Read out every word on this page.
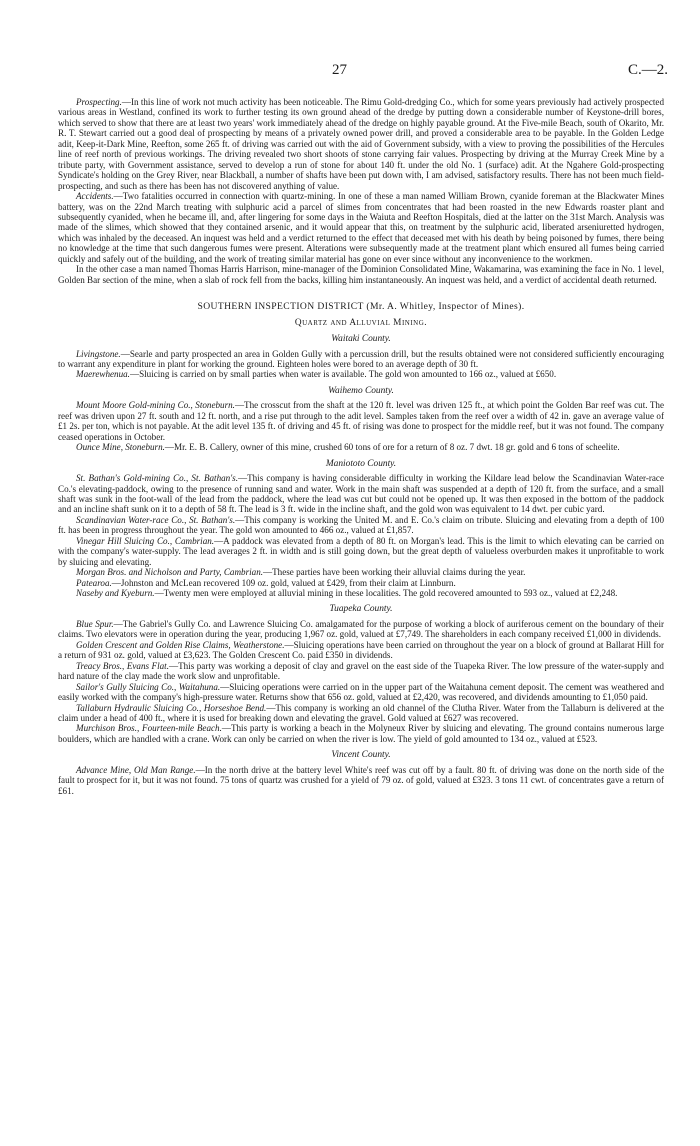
27	C.—2.

Prospecting.—In this line of work not much activity has been noticeable. The Rimu Gold-dredging Co., which for some years previously had actively prospected various areas in Westland, confined its work to further testing its own ground ahead of the dredge by putting down a considerable number of Keystone-drill bores, which served to show that there are at least two years' work immediately ahead of the dredge on highly payable ground. At the Five-mile Beach, south of Okarito, Mr. R. T. Stewart carried out a good deal of prospecting by means of a privately owned power drill, and proved a considerable area to be payable. In the Golden Ledge adit, Keep-it-Dark Mine, Reefton, some 265 ft. of driving was carried out with the aid of Government subsidy, with a view to proving the possibilities of the Hercules line of reef north of previous workings. The driving revealed two short shoots of stone carrying fair values. Prospecting by driving at the Murray Creek Mine by a tribute party, with Government assistance, served to develop a run of stone for about 140 ft. under the old No. 1 (surface) adit. At the Ngahere Gold-prospecting Syndicate's holding on the Grey River, near Blackball, a number of shafts have been put down with, I am advised, satisfactory results. There has not been much field-prospecting, and such as there has been has not discovered anything of value.

Accidents.—Two fatalities occurred in connection with quartz-mining. In one of these a man named William Brown, cyanide foreman at the Blackwater Mines battery, was on the 22nd March treating with sulphuric acid a parcel of slimes from concentrates that had been roasted in the new Edwards roaster plant and subsequently cyanided, when he became ill, and, after lingering for some days in the Waiuta and Reefton Hospitals, died at the latter on the 31st March. Analysis was made of the slimes, which showed that they contained arsenic, and it would appear that this, on treatment by the sulphuric acid, liberated arseniuretted hydrogen, which was inhaled by the deceased. An inquest was held and a verdict returned to the effect that deceased met with his death by being poisoned by fumes, there being no knowledge at the time that such dangerous fumes were present. Alterations were subsequently made at the treatment plant which ensured all fumes being carried quickly and safely out of the building, and the work of treating similar material has gone on ever since without any inconvenience to the workmen.

In the other case a man named Thomas Harris Harrison, mine-manager of the Dominion Consolidated Mine, Wakamarina, was examining the face in No. 1 level, Golden Bar section of the mine, when a slab of rock fell from the backs, killing him instantaneously. An inquest was held, and a verdict of accidental death returned.

SOUTHERN INSPECTION DISTRICT (Mr. A. Whitley, Inspector of Mines).
Quartz and Alluvial Mining.
Waitaki County.

Livingstone.—Searle and party prospected an area in Golden Gully with a percussion drill, but the results obtained were not considered sufficiently encouraging to warrant any expenditure in plant for working the ground. Eighteen holes were bored to an average depth of 30 ft.

Maerewhenua.—Sluicing is carried on by small parties when water is available. The gold won amounted to 166 oz., valued at £650.

Waihemo County.

Mount Moore Gold-mining Co., Stoneburn.—The crosscut from the shaft at the 120 ft. level was driven 125 ft., at which point the Golden Bar reef was cut. The reef was driven upon 27 ft. south and 12 ft. north, and a rise put through to the adit level. Samples taken from the reef over a width of 42 in. gave an average value of £1 2s. per ton, which is not payable. At the adit level 135 ft. of driving and 45 ft. of rising was done to prospect for the middle reef, but it was not found. The company ceased operations in October.

Ounce Mine, Stoneburn.—Mr. E. B. Callery, owner of this mine, crushed 60 tons of ore for a return of 8 oz. 7 dwt. 18 gr. gold and 6 tons of scheelite.

Maniototo County.

St. Bathan's Gold-mining Co., St. Bathan's.—This company is having considerable difficulty in working the Kildare lead below the Scandinavian Water-race Co.'s elevating-paddock, owing to the presence of running sand and water. Work in the main shaft was suspended at a depth of 120 ft. from the surface, and a small shaft was sunk in the foot-wall of the lead from the paddock, where the lead was cut but could not be opened up. It was then exposed in the bottom of the paddock and an incline shaft sunk on it to a depth of 58 ft. The lead is 3 ft. wide in the incline shaft, and the gold won was equivalent to 14 dwt. per cubic yard.

Scandinavian Water-race Co., St. Bathan's.—This company is working the United M. and E. Co.'s claim on tribute. Sluicing and elevating from a depth of 100 ft. has been in progress throughout the year. The gold won amounted to 466 oz., valued at £1,857.

Vinegar Hill Sluicing Co., Cambrian.—A paddock was elevated from a depth of 80 ft. on Morgan's lead. This is the limit to which elevating can be carried on with the company's water-supply. The lead averages 2 ft. in width and is still going down, but the great depth of valueless overburden makes it unprofitable to work by sluicing and elevating.

Morgan Bros. and Nicholson and Party, Cambrian.—These parties have been working their alluvial claims during the year.

Patearoa.—Johnston and McLean recovered 109 oz. gold, valued at £429, from their claim at Linnburn.

Naseby and Kyeburn.—Twenty men were employed at alluvial mining in these localities. The gold recovered amounted to 593 oz., valued at £2,248.

Tuapeka County.

Blue Spur.—The Gabriel's Gully Co. and Lawrence Sluicing Co. amalgamated for the purpose of working a block of auriferous cement on the boundary of their claims. Two elevators were in operation during the year, producing 1,967 oz. gold, valued at £7,749. The shareholders in each company received £1,000 in dividends.

Golden Crescent and Golden Rise Claims, Weatherstone.—Sluicing operations have been carried on throughout the year on a block of ground at Ballarat Hill for a return of 931 oz. gold, valued at £3,623. The Golden Crescent Co. paid £350 in dividends.

Treacy Bros., Evans Flat.—This party was working a deposit of clay and gravel on the east side of the Tuapeka River. The low pressure of the water-supply and hard nature of the clay made the work slow and unprofitable.

Sailor's Gully Sluicing Co., Waitahuna.—Sluicing operations were carried on in the upper part of the Waitahuna cement deposit. The cement was weathered and easily worked with the company's high-pressure water. Returns show that 656 oz. gold, valued at £2,420, was recovered, and dividends amounting to £1,050 paid.

Tallaburn Hydraulic Sluicing Co., Horseshoe Bend.—This company is working an old channel of the Clutha River. Water from the Tallaburn is delivered at the claim under a head of 400 ft., where it is used for breaking down and elevating the gravel. Gold valued at £627 was recovered.

Murchison Bros., Fourteen-mile Beach.—This party is working a beach in the Molyneux River by sluicing and elevating. The ground contains numerous large boulders, which are handled with a crane. Work can only be carried on when the river is low. The yield of gold amounted to 134 oz., valued at £523.

Vincent County.

Advance Mine, Old Man Range.—In the north drive at the battery level White's reef was cut off by a fault. 80 ft. of driving was done on the north side of the fault to prospect for it, but it was not found. 75 tons of quartz was crushed for a yield of 79 oz. of gold, valued at £323. 3 tons 11 cwt. of concentrates gave a return of £61.
